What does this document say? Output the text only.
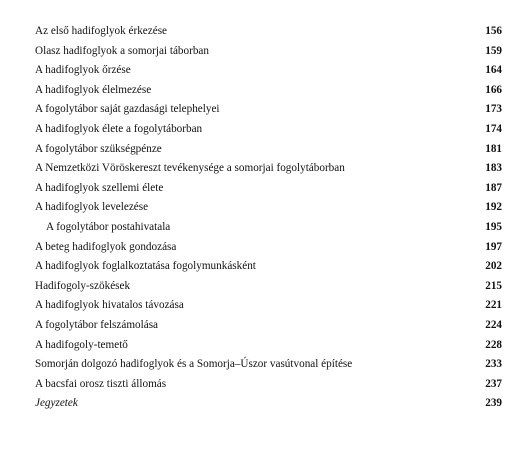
Az első hadifoglyok érkezése	156
Olasz hadifoglyok a somorjai táborban	159
A hadifoglyok őrzése	164
A hadifoglyok élelmezése	166
A fogolytábor saját gazdasági telephelyei	173
A hadifoglyok élete a fogolytáborban	174
A fogolytábor szükségpénze	181
A Nemzetközi Vöröskereszt tevékenysége a somorjai fogolytáborban	183
A hadifoglyok szellemi élete	187
A hadifoglyok levelezése	192
A fogolytábor postahivatala	195
A beteg hadifoglyok gondozása	197
A hadifoglyok foglalkoztatása fogolymunkásként	202
Hadifogoly-szökések	215
A hadifoglyok hivatalos távozása	221
A fogolytábor felszámolása	224
A hadifogoly-temető	228
Somorján dolgozó hadifoglyok és a Somorja–Úszor vasútvonal építése	233
A bacsfai orosz tiszti állomás	237
Jegyzetek	239
